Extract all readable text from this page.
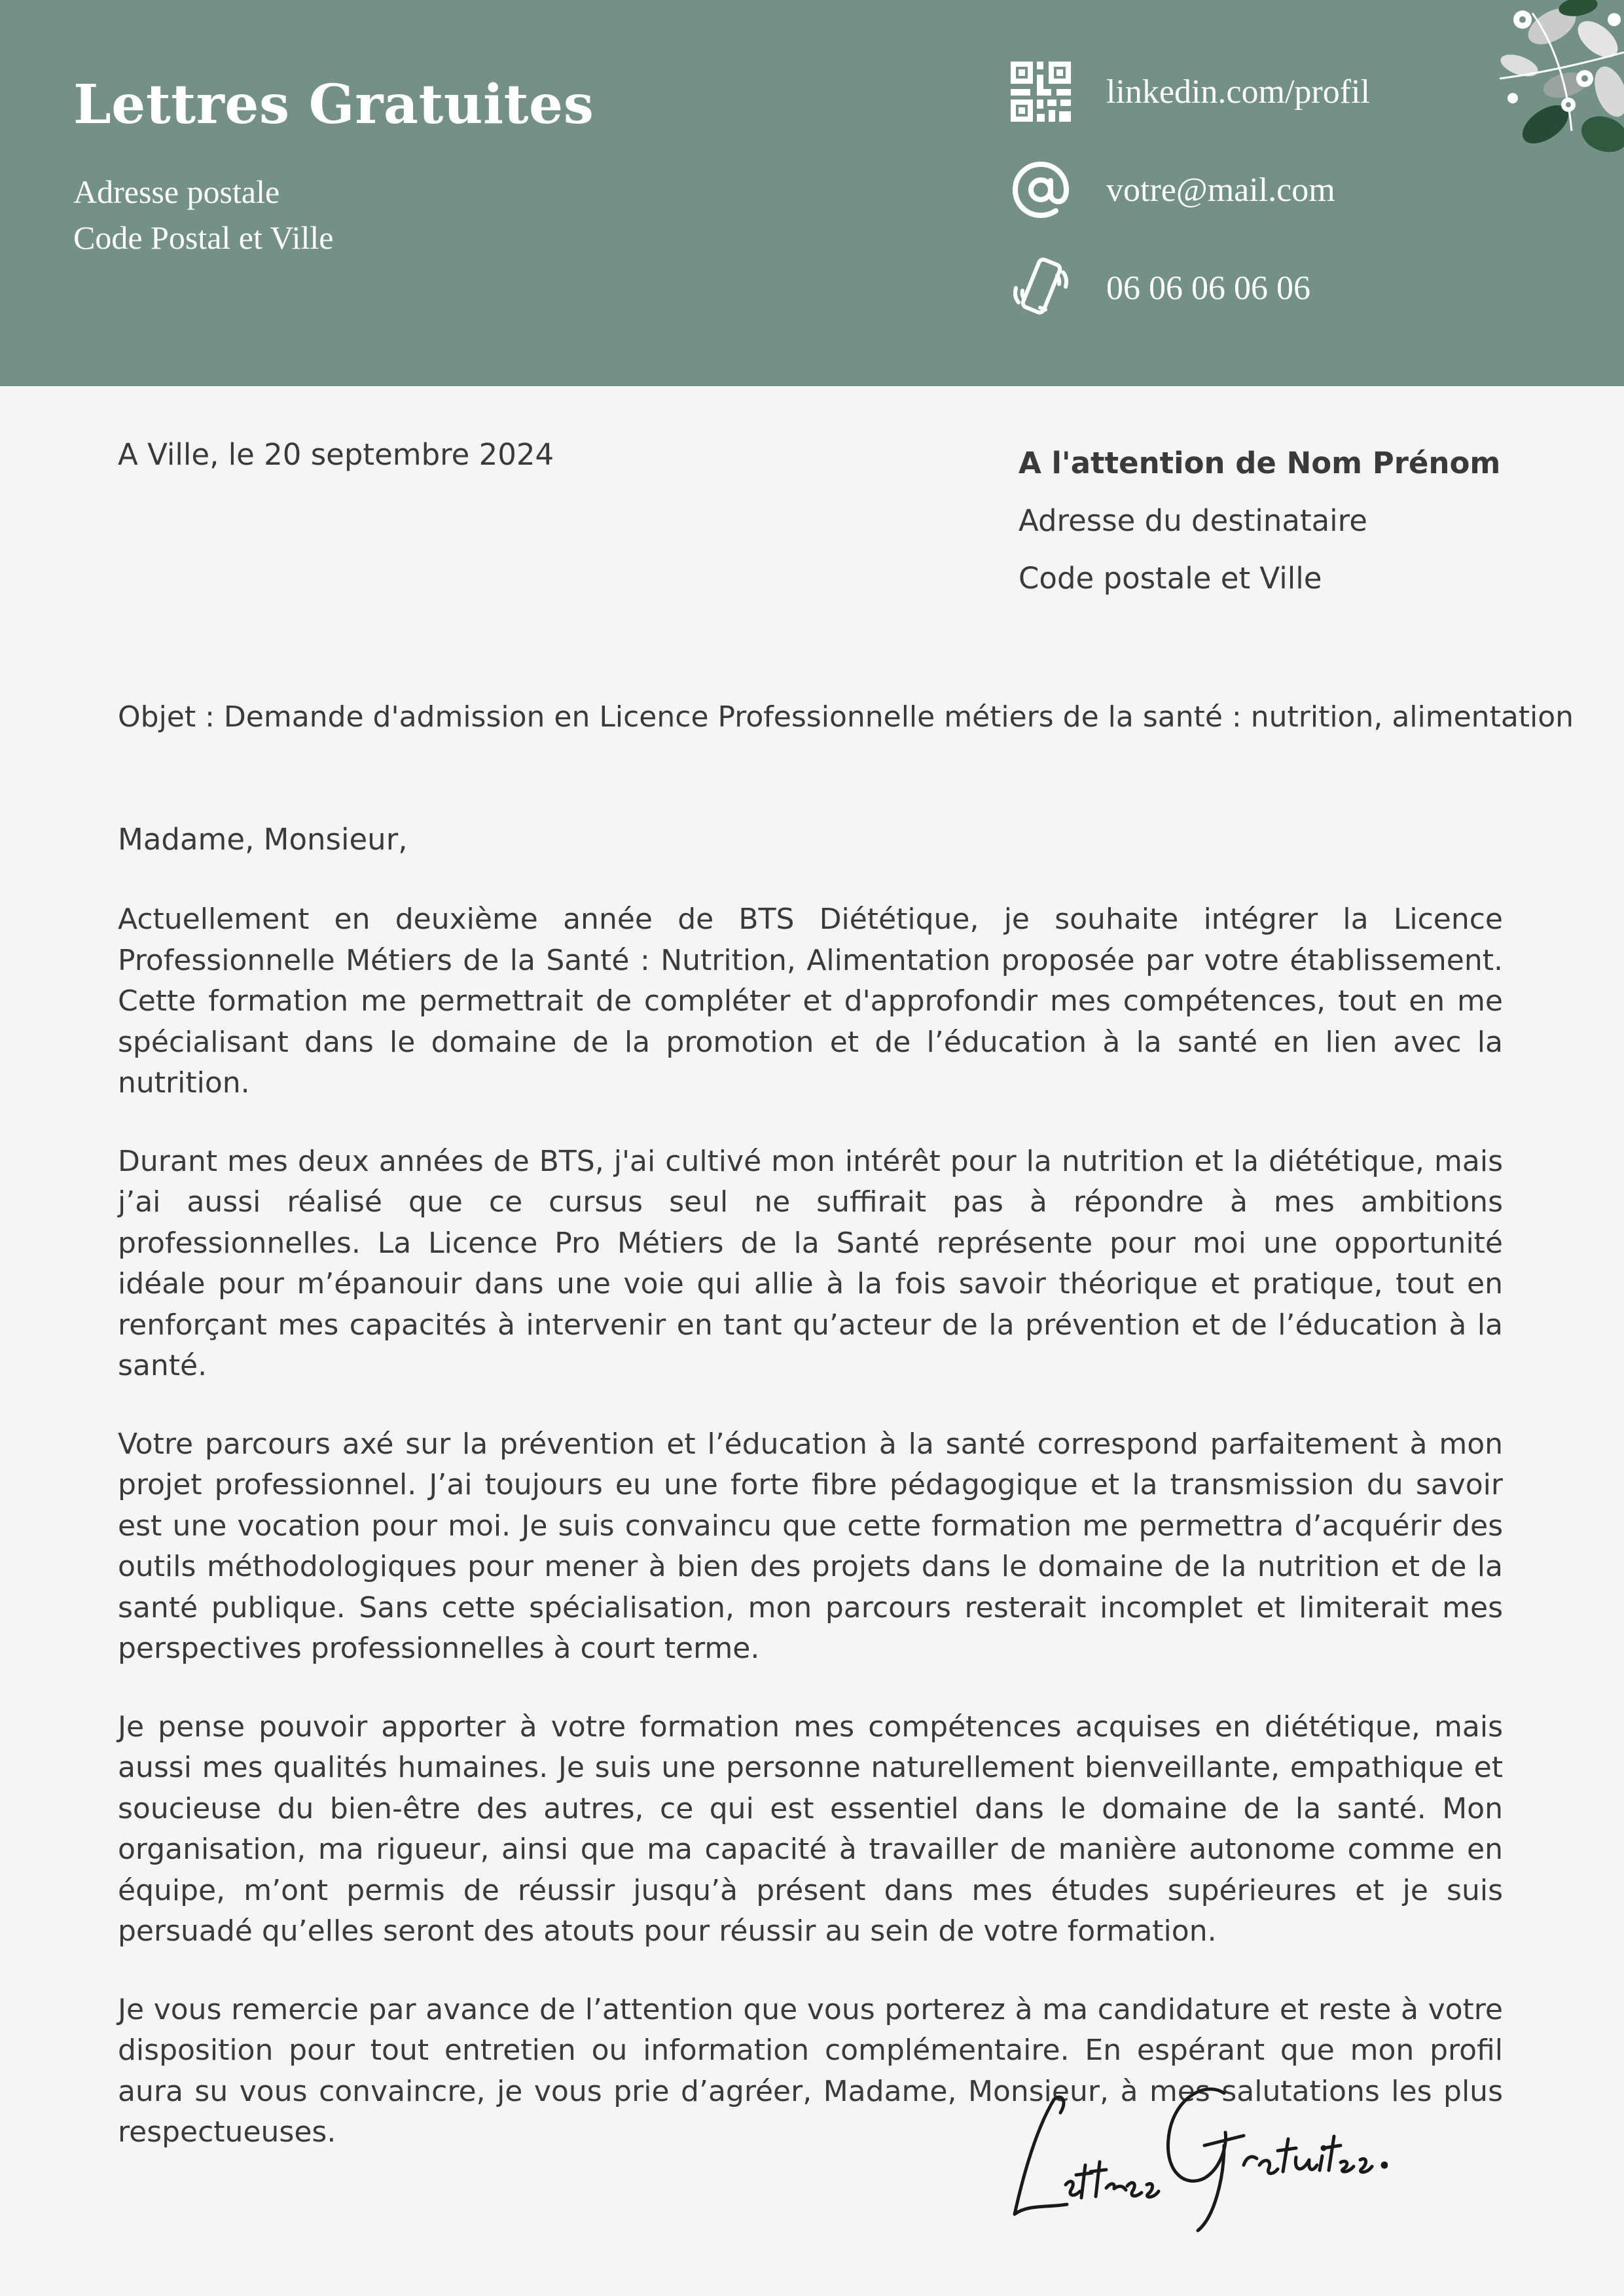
Lettres Gratuites
Adresse postale
Code Postal et Ville
linkedin.com/profil
votre@mail.com
06 06 06 06 06
A Ville, le 20 septembre 2024	A l'attention de Nom Prénom
Adresse du destinataire
Code postale et Ville
Objet : Demande d'admission en Licence Professionnelle métiers de la santé : nutrition, alimentation
Madame, Monsieur,

Actuellement en deuxième année de BTS Diététique, je souhaite intégrer la Licence Professionnelle Métiers de la Santé : Nutrition, Alimentation proposée par votre établissement. Cette formation me permettrait de compléter et d'approfondir mes compétences, tout en me spécialisant dans le domaine de la promotion et de l’éducation à la santé en lien avec la nutrition.

Durant mes deux années de BTS, j'ai cultivé mon intérêt pour la nutrition et la diététique, mais j’ai aussi réalisé que ce cursus seul ne suffirait pas à répondre à mes ambitions professionnelles. La Licence Pro Métiers de la Santé représente pour moi une opportunité idéale pour m’épanouir dans une voie qui allie à la fois savoir théorique et pratique, tout en renforçant mes capacités à intervenir en tant qu’acteur de la prévention et de l’éducation à la santé.

Votre parcours axé sur la prévention et l’éducation à la santé correspond parfaitement à mon projet professionnel. J’ai toujours eu une forte fibre pédagogique et la transmission du savoir est une vocation pour moi. Je suis convaincu que cette formation me permettra d’acquérir des outils méthodologiques pour mener à bien des projets dans le domaine de la nutrition et de la santé publique. Sans cette spécialisation, mon parcours resterait incomplet et limiterait mes perspectives professionnelles à court terme.

Je pense pouvoir apporter à votre formation mes compétences acquises en diététique, mais aussi mes qualités humaines. Je suis une personne naturellement bienveillante, empathique et soucieuse du bien-être des autres, ce qui est essentiel dans le domaine de la santé. Mon organisation, ma rigueur, ainsi que ma capacité à travailler de manière autonome comme en équipe, m’ont permis de réussir jusqu’à présent dans mes études supérieures et je suis persuadé qu’elles seront des atouts pour réussir au sein de votre formation.

Je vous remercie par avance de l’attention que vous porterez à ma candidature et reste à votre disposition pour tout entretien ou information complémentaire. En espérant que mon profil aura su vous convaincre, je vous prie d’agréer, Madame, Monsieur, à mes salutations les plus respectueuses.
